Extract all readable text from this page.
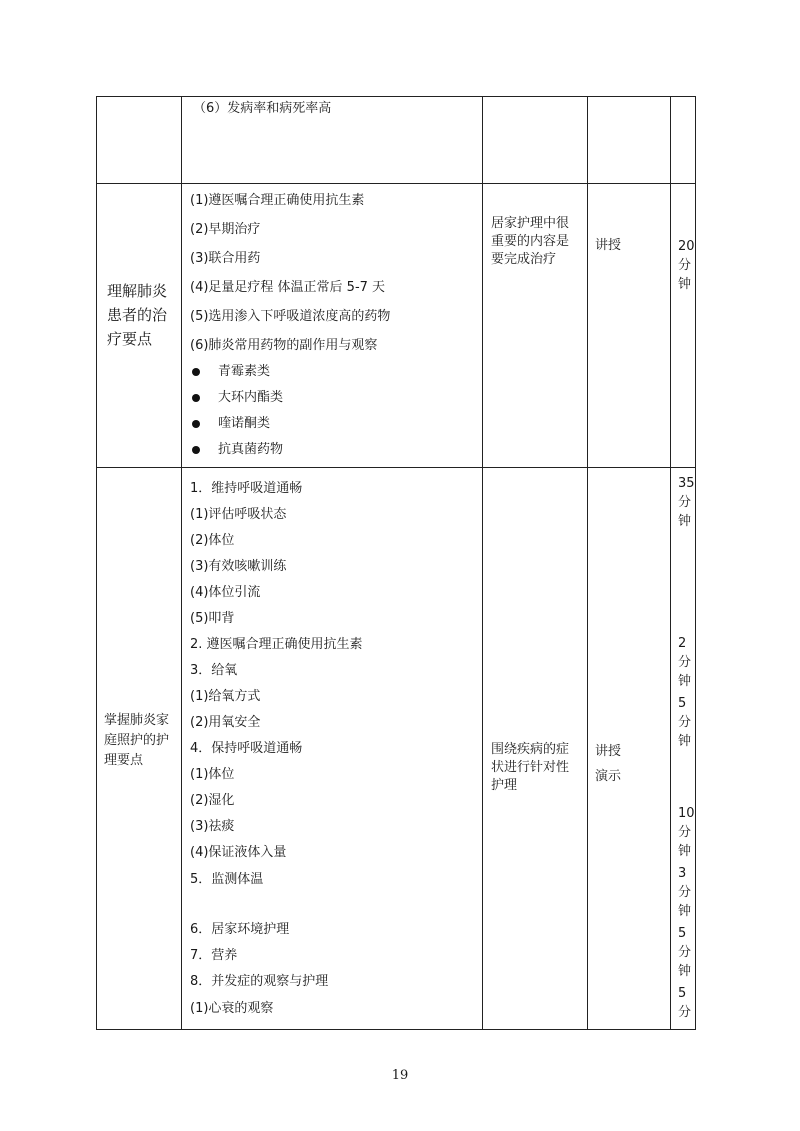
（6）发病率和病死率高
理解肺炎
患者的治
疗要点
(1)遵医嘱合理正确使用抗生素
(2)早期治疗
(3)联合用药
(4)足量足疗程 体温正常后 5-7 天
(5)选用渗入下呼吸道浓度高的药物
(6)肺炎常用药物的副作用与观察
青霉素类
大环内酯类
喹诺酮类
抗真菌药物
居家护理中很
重要的内容是
要完成治疗
讲授	20
分
钟
掌握肺炎家
庭照护的护
理要点
1．维持呼吸道通畅
(1)评估呼吸状态
(2)体位
(3)有效咳嗽训练
(4)体位引流
(5)叩背
2. 遵医嘱合理正确使用抗生素
3．给氧
(1)给氧方式
(2)用氧安全
4．保持呼吸道通畅
(1)体位
(2)湿化
(3)祛痰
(4)保证液体入量
5．监测体温
6．居家环境护理
7．营养
8．并发症的观察与护理
(1)心衰的观察
围绕疾病的症
状进行针对性
护理
讲授
演示
35
分
钟
2
分
钟
5
分
钟
10
分
钟
3
分
钟
5
分
钟
5
分
19
